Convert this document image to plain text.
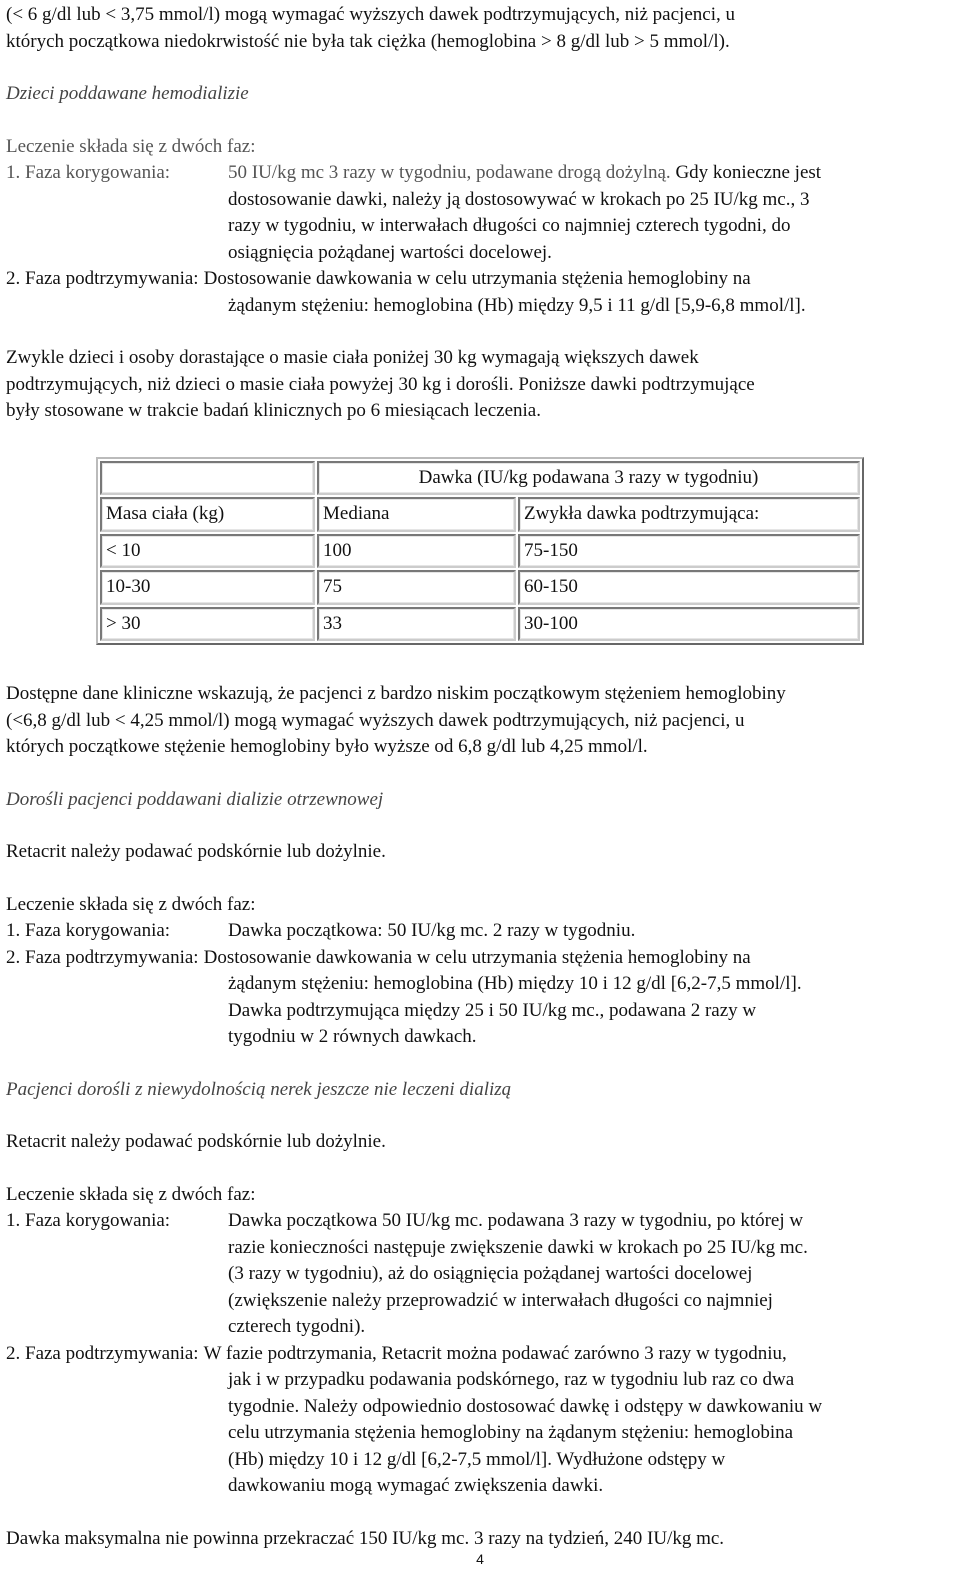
(< 6 g/dl lub < 3,75 mmol/l) mogą wymagać wyższych dawek podtrzymujących, niż pacjenci, u

których początkowa niedokrwistość nie była tak ciężka (hemoglobina > 8 g/dl lub > 5 mmol/l).

Dzieci poddawane hemodializie

Leczenie składa się z dwóch faz:

1. Faza korygowania:	50 IU/kg mc 3 razy w tygodniu, podawane drogą dożylną. Gdy konieczne jest

dostosowanie dawki, należy ją dostosowywać w krokach po 25 IU/kg mc., 3

razy w tygodniu, w interwałach długości co najmniej czterech tygodni, do

osiągnięcia pożądanej wartości docelowej.

2. Faza podtrzymywania: Dostosowanie dawkowania w celu utrzymania stężenia hemoglobiny na

żądanym stężeniu: hemoglobina (Hb) między 9,5 i 11 g/dl [5,9-6,8 mmol/l].

Zwykle dzieci i osoby dorastające o masie ciała poniżej 30 kg wymagają większych dawek

podtrzymujących, niż dzieci o masie ciała powyżej 30 kg i dorośli. Poniższe dawki podtrzymujące

były stosowane w trakcie badań klinicznych po 6 miesiącach leczenia.

	Dawka (IU/kg podawana 3 razy w tygodniu)	
Masa ciała (kg)	Mediana	Zwykła dawka podtrzymująca:
< 10	100	75-150
10-30	75	60-150
> 30	33	30-100

Dostępne dane kliniczne wskazują, że pacjenci z bardzo niskim początkowym stężeniem hemoglobiny

(<6,8 g/dl lub < 4,25 mmol/l) mogą wymagać wyższych dawek podtrzymujących, niż pacjenci, u

których początkowe stężenie hemoglobiny było wyższe od 6,8 g/dl lub 4,25 mmol/l.

Dorośli pacjenci poddawani dializie otrzewnowej

Retacrit należy podawać podskórnie lub dożylnie.

Leczenie składa się z dwóch faz:

1. Faza korygowania:	Dawka początkowa: 50 IU/kg mc. 2 razy w tygodniu.
2. Faza podtrzymywania: Dostosowanie dawkowania w celu utrzymania stężenia hemoglobiny na

żądanym stężeniu: hemoglobina (Hb) między 10 i 12 g/dl [6,2-7,5 mmol/l].

Dawka podtrzymująca między 25 i 50 IU/kg mc., podawana 2 razy w

tygodniu w 2 równych dawkach.

Pacjenci dorośli z niewydolnością nerek jeszcze nie leczeni dializą

Retacrit należy podawać podskórnie lub dożylnie.

Leczenie składa się z dwóch faz:

1. Faza korygowania:	Dawka początkowa 50 IU/kg mc. podawana 3 razy w tygodniu, po której w

razie konieczności następuje zwiększenie dawki w krokach po 25 IU/kg mc.

(3 razy w tygodniu), aż do osiągnięcia pożądanej wartości docelowej

(zwiększenie należy przeprowadzić w interwałach długości co najmniej

czterech tygodni).

2. Faza podtrzymywania: W fazie podtrzymania, Retacrit można podawać zarówno 3 razy w tygodniu,

jak i w przypadku podawania podskórnego, raz w tygodniu lub raz co dwa

tygodnie. Należy odpowiednio dostosować dawkę i odstępy w dawkowaniu w

celu utrzymania stężenia hemoglobiny na żądanym stężeniu: hemoglobina

(Hb) między 10 i 12 g/dl [6,2-7,5 mmol/l]. Wydłużone odstępy w

dawkowaniu mogą wymagać zwiększenia dawki.

Dawka maksymalna nie powinna przekraczać 150 IU/kg mc. 3 razy na tydzień, 240 IU/kg mc.

4
